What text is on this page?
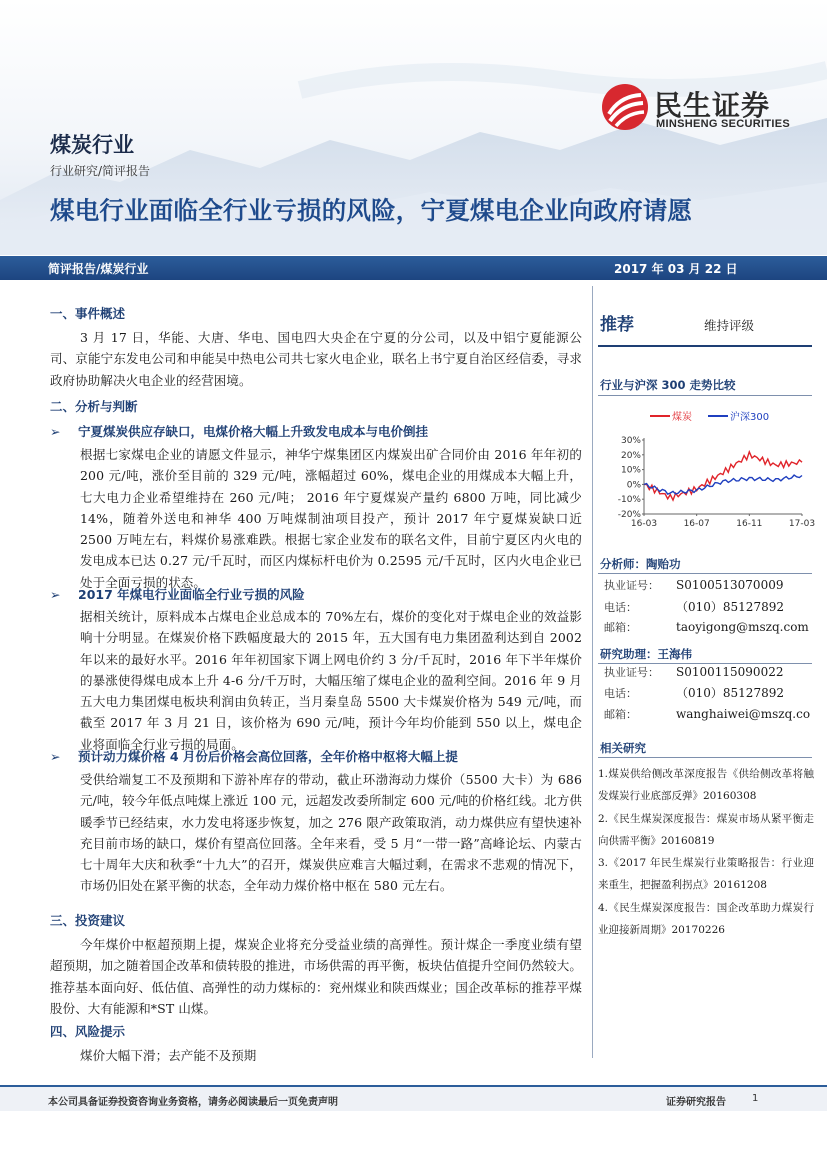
民生证券
MINSHENG SECURITIES
煤炭行业
行业研究/简评报告
煤电行业面临全行业亏损的风险，宁夏煤电企业向政府请愿
简评报告/煤炭行业	2017 年 03 月 22 日
一、事件概述
3 月 17 日，华能、大唐、华电、国电四大央企在宁夏的分公司，以及中铝宁夏能源公司、京能宁东发电公司和申能吴中热电公司共七家火电企业，联名上书宁夏自治区经信委，寻求政府协助解决火电企业的经营困境。
二、分析与判断
➢ 宁夏煤炭供应存缺口，电煤价格大幅上升致发电成本与电价倒挂
根据七家煤电企业的请愿文件显示，神华宁煤集团区内煤炭出矿合同价由 2016 年年初的 200 元/吨，涨价至目前的 329 元/吨，涨幅超过 60%，煤电企业的用煤成本大幅上升，七大电力企业希望维持在 260 元/吨； 2016 年宁夏煤炭产量约 6800 万吨，同比减少 14%，随着外送电和神华 400 万吨煤制油项目投产，预计 2017 年宁夏煤炭缺口近 2500 万吨左右，料煤价易涨难跌。根据七家企业发布的联名文件，目前宁夏区内火电的发电成本已达 0.27 元/千瓦时，而区内煤标杆电价为 0.2595 元/千瓦时，区内火电企业已处于全面亏损的状态。
➢ 2017 年煤电行业面临全行业亏损的风险
据相关统计，原料成本占煤电企业总成本的 70%左右，煤价的变化对于煤电企业的效益影响十分明显。在煤炭价格下跌幅度最大的 2015 年，五大国有电力集团盈利达到自 2002 年以来的最好水平。2016 年年初国家下调上网电价约 3 分/千瓦时，2016 年下半年煤价的暴涨使得煤电成本上升 4-6 分/千万时，大幅压缩了煤电企业的盈利空间。2016 年 9 月五大电力集团煤电板块利润由负转正，当月秦皇岛 5500 大卡煤炭价格为 549 元/吨，而截至 2017 年 3 月 21 日，该价格为 690 元/吨，预计今年均价能到 550 以上，煤电企业将面临全行业亏损的局面。
➢ 预计动力煤价格 4 月份后价格会高位回落，全年价格中枢将大幅上提
受供给端复工不及预期和下游补库存的带动，截止环渤海动力煤价（5500 大卡）为 686 元/吨，较今年低点吨煤上涨近 100 元，远超发改委所制定 600 元/吨的价格红线。北方供暖季节已经结束，水力发电将逐步恢复，加之 276 限产政策取消，动力煤供应有望快速补充目前市场的缺口，煤价有望高位回落。全年来看，受 5 月“一带一路”高峰论坛、内蒙古七十周年大庆和秋季“十九大”的召开，煤炭供应难言大幅过剩，在需求不悲观的情况下，市场仍旧处在紧平衡的状态，全年动力煤价格中枢在 580 元左右。
三、投资建议
今年煤价中枢超预期上提，煤炭企业将充分受益业绩的高弹性。预计煤企一季度业绩有望超预期，加之随着国企改革和债转股的推进，市场供需的再平衡，板块估值提升空间仍然较大。推荐基本面向好、低估值、高弹性的动力煤标的：兖州煤业和陕西煤业；国企改革标的推荐平煤股份、大有能源和*ST 山煤。
四、风险提示
煤价大幅下滑；去产能不及预期
推荐	维持评级
行业与沪深 300 走势比较
煤炭	沪深300
30%
20%
10%
0%
-10%
-20%
16-03	16-07	16-11	17-03
分析师：陶贻功
执业证号： S0100513070009
电话：	（010）85127892
邮箱：	taoyigong@mszq.com
研究助理：王海伟
执业证号： S0100115090022
电话：	（010）85127892
邮箱：	wanghaiwei@mszq.co
相关研究
1.煤炭供给侧改革深度报告《供给侧改革将触发煤炭行业底部反弹》20160308
2.《民生煤炭深度报告：煤炭市场从紧平衡走向供需平衡》20160819
3.《2017 年民生煤炭行业策略报告：行业迎来重生，把握盈利拐点》20161208
4.《民生煤炭深度报告：国企改革助力煤炭行业迎接新周期》20170226
本公司具备证券投资咨询业务资格，请务必阅读最后一页免责声明	证券研究报告	1
